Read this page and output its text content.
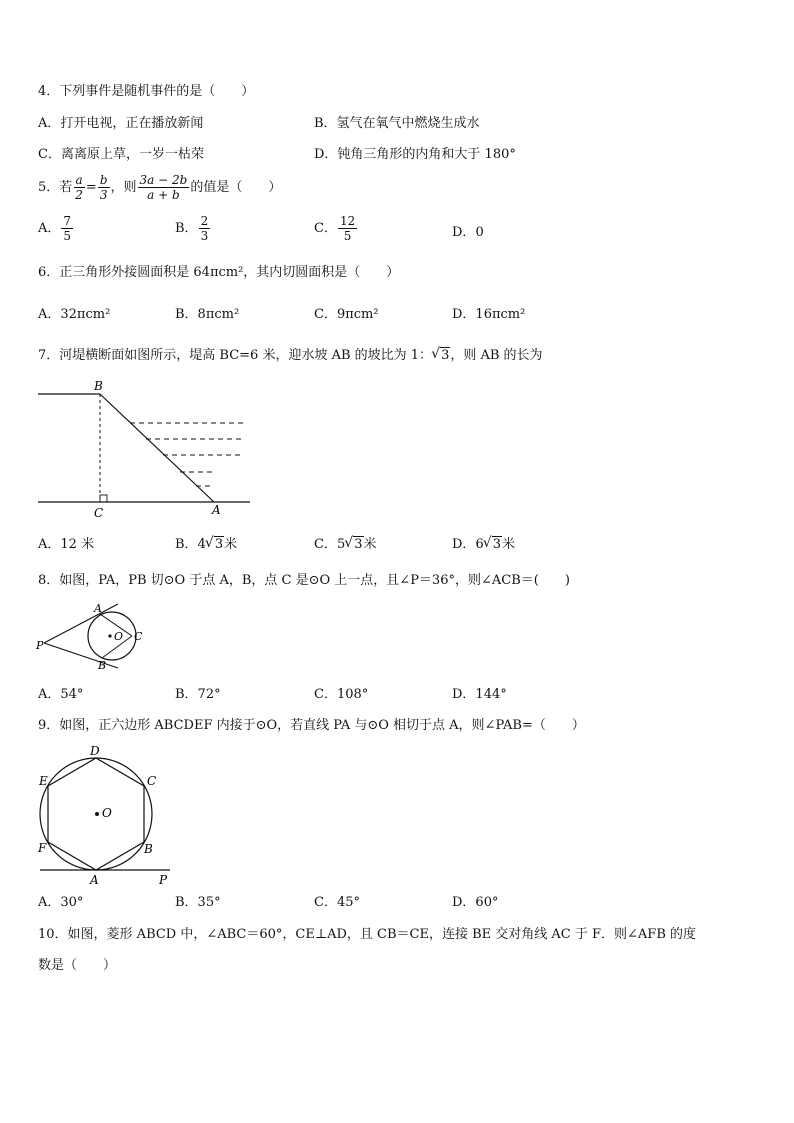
4．下列事件是随机事件的是（　　）
A．打开电视，正在播放新闻	B．氢气在氧气中燃烧生成水
C．离离原上草，一岁一枯荣	D．钝角三角形的内角和大于 180°
5．若 $\frac{a}{2} = \frac{b}{3}$ ，则 $\frac{3a - 2b}{a + b}$ 的值是（　　）
A． $\frac{7}{5}$	B． $\frac{2}{3}$	C． $\frac{12}{5}$	D．0
6．正三角形外接圆面积是 64πcm²，其内切圆面积是（　　）
A．32πcm²	B．8πcm²	C．9πcm²	D．16πcm²
7．河堤横断面如图所示，堤高 BC=6 米，迎水坡 AB 的坡比为 1： √ 3，则 AB 的长为
B
C	A
A．12 米	B．4 √ 3米	C．5 √ 3米	D．6 √ 3米
8．如图，PA，PB 切⊙O 于点 A，B，点 C 是⊙O 上一点，且∠P＝36°，则∠ACB＝(　　)
A
B
P
O C
A．54°	B．72°	C．108°	D．144°
9．如图，正六边形 ABCDEF 内接于⊙O，若直线 PA 与⊙O 相切于点 A，则∠PAB=（　　）
D
C
E
F	B
A
O
P
A．30°	B．35°	C．45°	D．60°
10．如图，菱形 ABCD 中，∠ABC＝60°，CE⊥AD，且 CB＝CE，连接 BE 交对角线 AC 于 F．则∠AFB 的度
数是（　　）
